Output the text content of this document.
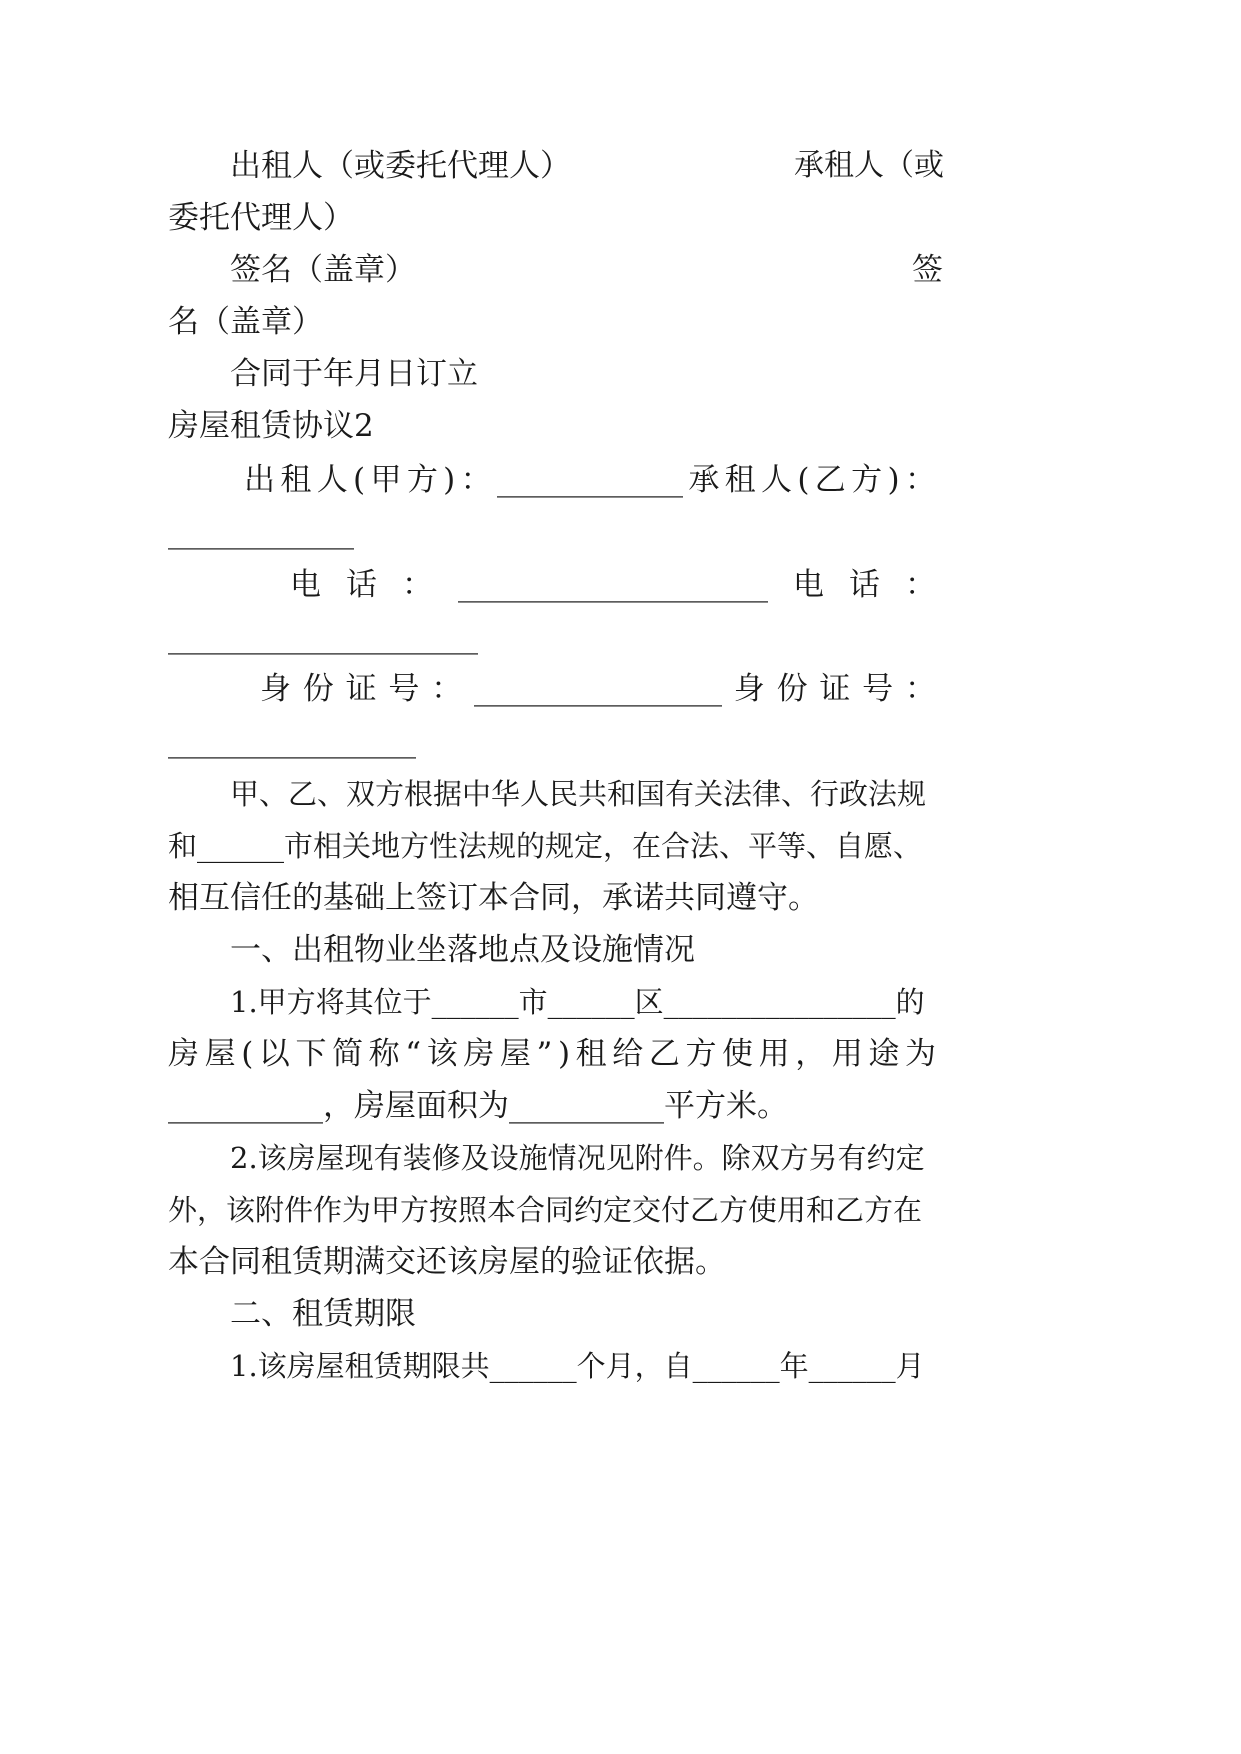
出租人（或委托代理人）	承租人（或

委托代理人）

签名（盖章）	签

名（盖章）

合同于年月日订立

房屋租赁协议2

出 租 人 ( 甲 方 ) ： ____________ 承 租 人 ( 乙 方 ) ：

____________

电 话 ： ____________________ 电 话 ：

____________________

身 份 证 号 ： ________________ 身 份 证 号 ：

________________

甲、乙、双方根据中华人民共和国有关法律、行政法规

和______市相关地方性法规的规定，在合法、平等、自愿、

相互信任的基础上签订本合同，承诺共同遵守。

一、出租物业坐落地点及设施情况

1.甲方将其位于______市______区________________的

房 屋 ( 以 下 简 称 “ 该 房 屋 ” ) 租 给 乙 方 使 用 ， 用 途 为

__________，房屋面积为__________平方米。

2.该房屋现有装修及设施情况见附件。除双方另有约定

外，该附件作为甲方按照本合同约定交付乙方使用和乙方在

本合同租赁期满交还该房屋的验证依据。

二、租赁期限

1.该房屋租赁期限共______个月，自______年______月
